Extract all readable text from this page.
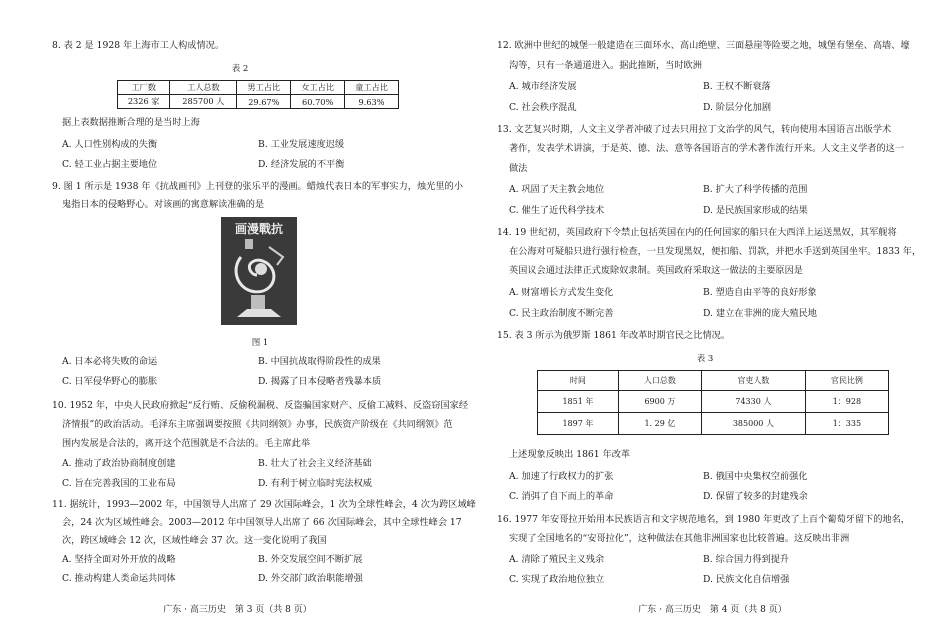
8. 表 2 是 1928 年上海市工人构成情况。
表 2
工厂数	工人总数	男工占比	女工占比	童工占比
2326 家	285700 人	29.67%	60.70%	9.63%
据上表数据推断合理的是当时上海
A. 人口性别构成的失衡	B. 工业发展速度迟缓
C. 轻工业占据主要地位	D. 经济发展的不平衡
9. 图 1 所示是 1938 年《抗战画刊》上刊登的张乐平的漫画。蜡烛代表日本的军事实力，烛光里的小
鬼指日本的侵略野心。对该画的寓意解读准确的是
画漫戰抗
图 1
A. 日本必将失败的命运	B. 中国抗战取得阶段性的成果
C. 日军侵华野心的膨胀	D. 揭露了日本侵略者残暴本质
10. 1952 年，中央人民政府掀起“反行贿、反偷税漏税、反盗骗国家财产、反偷工减料、反盗窃国家经
济情报”的政治活动。毛泽东主席强调要按照《共同纲领》办事，民族资产阶级在《共同纲领》范
围内发展是合法的，离开这个范围就是不合法的。毛主席此举
A. 推动了政治协商制度创建	B. 壮大了社会主义经济基础
C. 旨在完善我国的工业布局	D. 有利于树立临时宪法权威
11. 据统计，1993—2002 年，中国领导人出席了 29 次国际峰会，1 次为全球性峰会，4 次为跨区域峰
会，24 次为区域性峰会。2003—2012 年中国领导人出席了 66 次国际峰会，其中全球性峰会 17
次，跨区域峰会 12 次，区域性峰会 37 次。这一变化说明了我国
A. 坚持全面对外开放的战略	B. 外交发展空间不断扩展
C. 推动构建人类命运共同体	D. 外交部门政治职能增强
广东 · 高三历史　第 3 页（共 8 页）
12. 欧洲中世纪的城堡一般建造在三面环水、高山绝壁、三面悬崖等险要之地，城堡有堡垒、高墙、壕
沟等，只有一条通道进入。据此推断，当时欧洲
A. 城市经济发展	B. 王权不断衰落
C. 社会秩序混乱	D. 阶层分化加剧
13. 文艺复兴时期，人文主义学者冲破了过去只用拉丁文治学的风气，转向使用本国语言出版学术
著作，发表学术讲演，于是英、德、法、意等各国语言的学术著作流行开来。人文主义学者的这一
做法
A. 巩固了天主教会地位	B. 扩大了科学传播的范围
C. 催生了近代科学技术	D. 是民族国家形成的结果
14. 19 世纪初，英国政府下令禁止包括英国在内的任何国家的船只在大西洋上运送黑奴，其军舰将
在公海对可疑船只进行强行检查，一旦发现黑奴，便扣船、罚款，并把水手送到英国坐牢。1833 年，
英国议会通过法律正式废除奴隶制。英国政府采取这一做法的主要原因是
A. 财富增长方式发生变化	B. 塑造自由平等的良好形象
C. 民主政治制度不断完善	D. 建立在非洲的庞大殖民地
15. 表 3 所示为俄罗斯 1861 年改革时期官民之比情况。
表 3
时间	人口总数	官吏人数	官民比例
1851 年	6900 万	74330 人	1：928
1897 年	1. 29 亿	385000 人	1：335
上述现象反映出 1861 年改革
A. 加速了行政权力的扩张	B. 俄国中央集权空前强化
C. 消弭了自下而上的革命	D. 保留了较多的封建残余
16. 1977 年安哥拉开始用本民族语言和文字规范地名，到 1980 年更改了上百个葡萄牙留下的地名，
实现了全国地名的“安哥拉化”，这种做法在其他非洲国家也比较普遍。这反映出非洲
A. 清除了殖民主义残余	B. 综合国力得到提升
C. 实现了政治地位独立	D. 民族文化自信增强
广东 · 高三历史　第 4 页（共 8 页）
